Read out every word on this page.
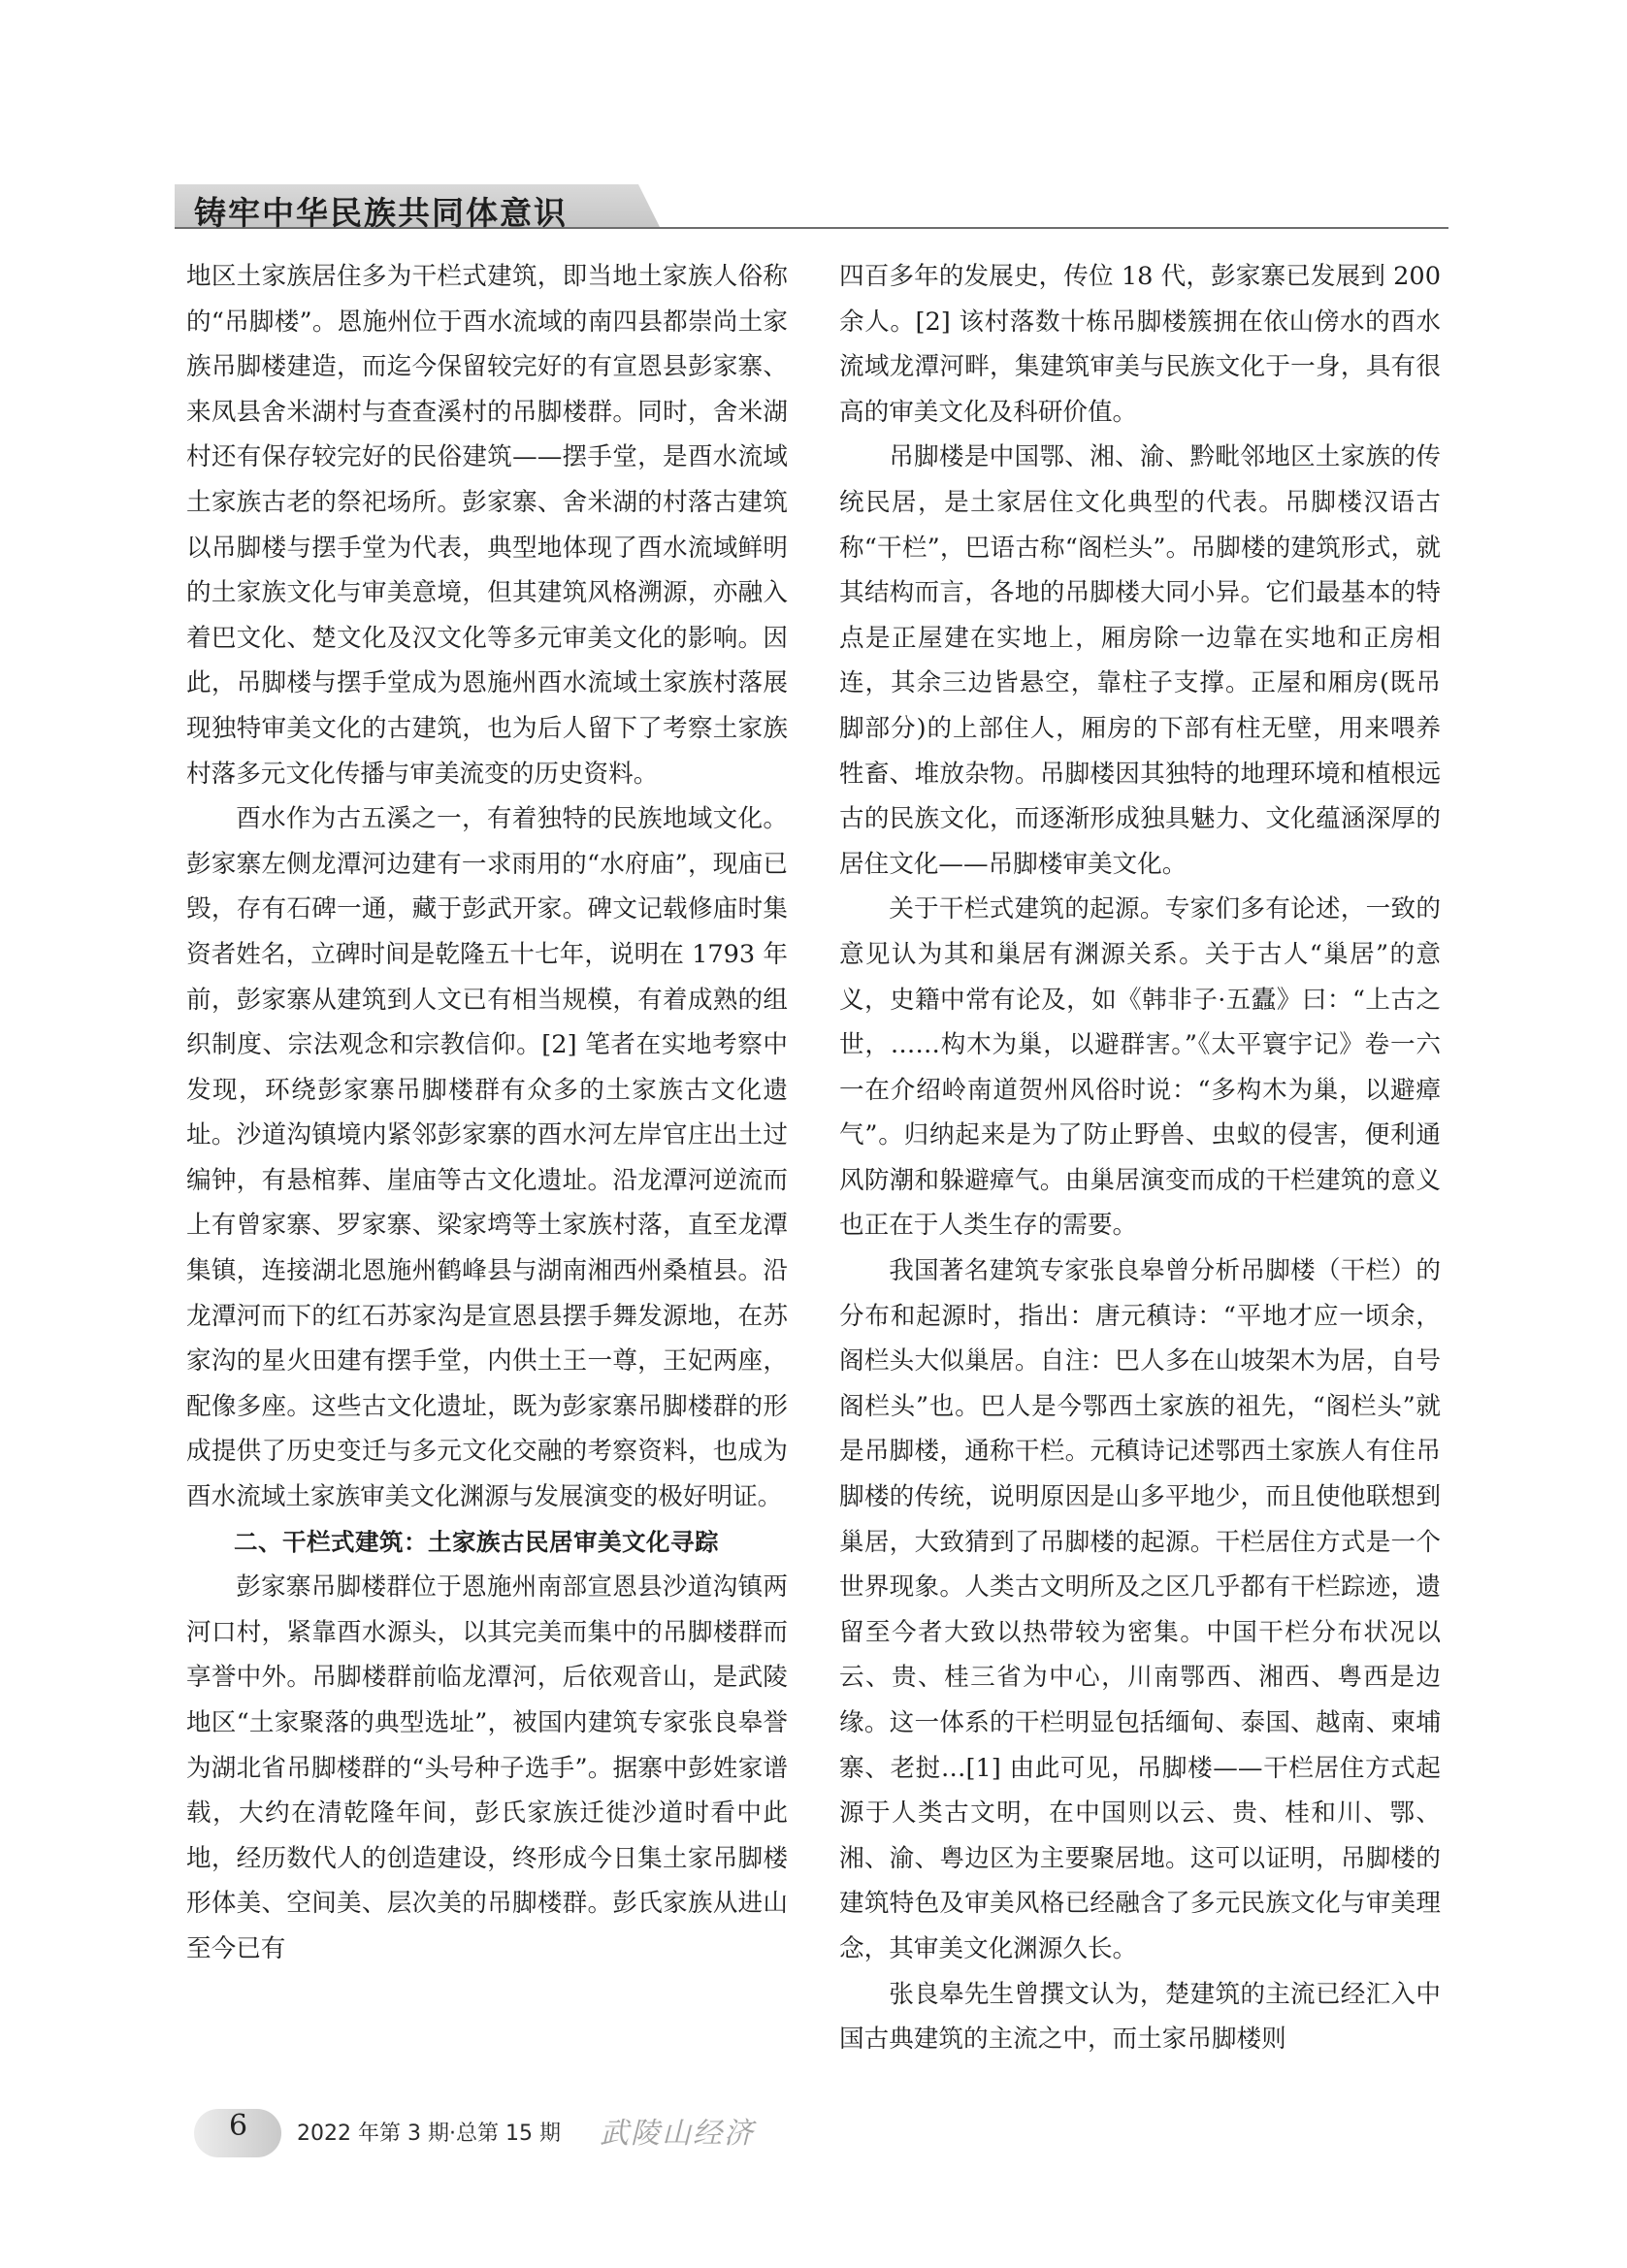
铸牢中华民族共同体意识

地区土家族居住多为干栏式建筑，即当地土家族人俗称的“吊脚楼”。恩施州位于酉水流域的南四县都崇尚土家族吊脚楼建造，而迄今保留较完好的有宣恩县彭家寨、来凤县舍米湖村与查查溪村的吊脚楼群。同时，舍米湖村还有保存较完好的民俗建筑——摆手堂，是酉水流域土家族古老的祭祀场所。彭家寨、舍米湖的村落古建筑以吊脚楼与摆手堂为代表，典型地体现了酉水流域鲜明的土家族文化与审美意境，但其建筑风格溯源，亦融入着巴文化、楚文化及汉文化等多元审美文化的影响。因此，吊脚楼与摆手堂成为恩施州酉水流域土家族村落展现独特审美文化的古建筑，也为后人留下了考察土家族村落多元文化传播与审美流变的历史资料。

酉水作为古五溪之一，有着独特的民族地域文化。彭家寨左侧龙潭河边建有一求雨用的“水府庙”，现庙已毁，存有石碑一通，藏于彭武开家。碑文记载修庙时集资者姓名，立碑时间是乾隆五十七年，说明在 1793 年前，彭家寨从建筑到人文已有相当规模，有着成熟的组织制度、宗法观念和宗教信仰。[2] 笔者在实地考察中发现，环绕彭家寨吊脚楼群有众多的土家族古文化遗址。沙道沟镇境内紧邻彭家寨的酉水河左岸官庄出土过编钟，有悬棺葬、崖庙等古文化遗址。沿龙潭河逆流而上有曾家寨、罗家寨、梁家塆等土家族村落，直至龙潭集镇，连接湖北恩施州鹤峰县与湖南湘西州桑植县。沿龙潭河而下的红石苏家沟是宣恩县摆手舞发源地，在苏家沟的星火田建有摆手堂，内供土王一尊，王妃两座，配像多座。这些古文化遗址，既为彭家寨吊脚楼群的形成提供了历史变迁与多元文化交融的考察资料，也成为酉水流域土家族审美文化渊源与发展演变的极好明证。

二、干栏式建筑：土家族古民居审美文化寻踪

彭家寨吊脚楼群位于恩施州南部宣恩县沙道沟镇两河口村，紧靠酉水源头，以其完美而集中的吊脚楼群而享誉中外。吊脚楼群前临龙潭河，后依观音山，是武陵地区“土家聚落的典型选址”，被国内建筑专家张良皋誉为湖北省吊脚楼群的“头号种子选手”。据寨中彭姓家谱载，大约在清乾隆年间，彭氏家族迁徙沙道时看中此地，经历数代人的创造建设，终形成今日集土家吊脚楼形体美、空间美、层次美的吊脚楼群。彭氏家族从进山至今已有

四百多年的发展史，传位 18 代，彭家寨已发展到 200 余人。[2] 该村落数十栋吊脚楼簇拥在依山傍水的酉水流域龙潭河畔，集建筑审美与民族文化于一身，具有很高的审美文化及科研价值。

吊脚楼是中国鄂、湘、渝、黔毗邻地区土家族的传统民居，是土家居住文化典型的代表。吊脚楼汉语古称“干栏”，巴语古称“阁栏头”。吊脚楼的建筑形式，就其结构而言，各地的吊脚楼大同小异。它们最基本的特点是正屋建在实地上，厢房除一边靠在实地和正房相连，其余三边皆悬空，靠柱子支撑。正屋和厢房(既吊脚部分)的上部住人，厢房的下部有柱无壁，用来喂养牲畜、堆放杂物。吊脚楼因其独特的地理环境和植根远古的民族文化，而逐渐形成独具魅力、文化蕴涵深厚的居住文化——吊脚楼审美文化。

关于干栏式建筑的起源。专家们多有论述，一致的意见认为其和巢居有渊源关系。关于古人“巢居”的意义，史籍中常有论及，如《韩非子·五蠹》曰：“上古之世，……构木为巢，以避群害。”《太平寰宇记》卷一六一在介绍岭南道贺州风俗时说：“多构木为巢，以避瘴气”。归纳起来是为了防止野兽、虫蚁的侵害，便利通风防潮和躲避瘴气。由巢居演变而成的干栏建筑的意义也正在于人类生存的需要。

我国著名建筑专家张良皋曾分析吊脚楼（干栏）的分布和起源时，指出：唐元稹诗：“平地才应一顷余，阁栏头大似巢居。自注：巴人多在山坡架木为居，自号阁栏头”也。巴人是今鄂西土家族的祖先，“阁栏头”就是吊脚楼，通称干栏。元稹诗记述鄂西土家族人有住吊脚楼的传统，说明原因是山多平地少，而且使他联想到巢居，大致猜到了吊脚楼的起源。干栏居住方式是一个世界现象。人类古文明所及之区几乎都有干栏踪迹，遗留至今者大致以热带较为密集。中国干栏分布状况以云、贵、桂三省为中心，川南鄂西、湘西、粤西是边缘。这一体系的干栏明显包括缅甸、泰国、越南、柬埔寨、老挝…[1] 由此可见，吊脚楼——干栏居住方式起源于人类古文明，在中国则以云、贵、桂和川、鄂、湘、渝、粤边区为主要聚居地。这可以证明，吊脚楼的建筑特色及审美风格已经融含了多元民族文化与审美理念，其审美文化渊源久长。

张良皋先生曾撰文认为，楚建筑的主流已经汇入中国古典建筑的主流之中，而土家吊脚楼则

6 2022 年第 3 期·总第 15 期 武陵山经济
